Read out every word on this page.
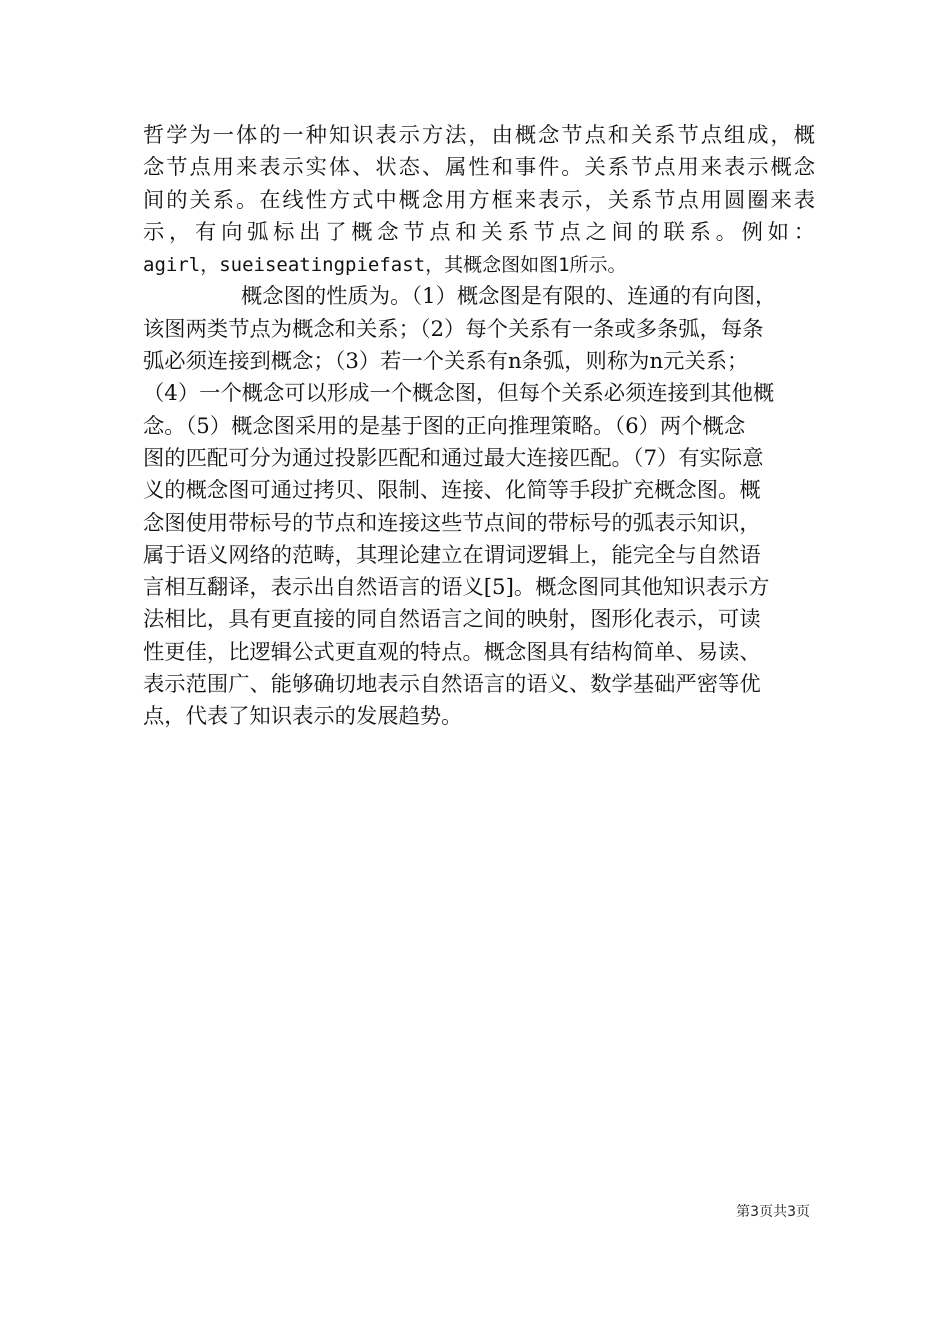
哲学为一体的一种知识表示方法，由概念节点和关系节点组成，概
念节点用来表示实体、状态、属性和事件。关系节点用来表示概念
间的关系。在线性方式中概念用方框来表示，关系节点用圆圈来表
示，有向弧标出了概念节点和关系节点之间的联系。例如：
agirl，sueiseatingpiefast，其概念图如图1所示。
概念图的性质为。（1）概念图是有限的、连通的有向图，
该图两类节点为概念和关系；（2）每个关系有一条或多条弧，每条
弧必须连接到概念；（3）若一个关系有n条弧，则称为n元关系；
（4）一个概念可以形成一个概念图，但每个关系必须连接到其他概
念。（5）概念图采用的是基于图的正向推理策略。（6）两个概念
图的匹配可分为通过投影匹配和通过最大连接匹配。（7）有实际意
义的概念图可通过拷贝、限制、连接、化简等手段扩充概念图。概
念图使用带标号的节点和连接这些节点间的带标号的弧表示知识，
属于语义网络的范畴，其理论建立在谓词逻辑上，能完全与自然语
言相互翻译，表示出自然语言的语义[5]。概念图同其他知识表示方
法相比，具有更直接的同自然语言之间的映射，图形化表示，可读
性更佳，比逻辑公式更直观的特点。概念图具有结构简单、易读、
表示范围广、能够确切地表示自然语言的语义、数学基础严密等优
点，代表了知识表示的发展趋势。
第3页共3页
